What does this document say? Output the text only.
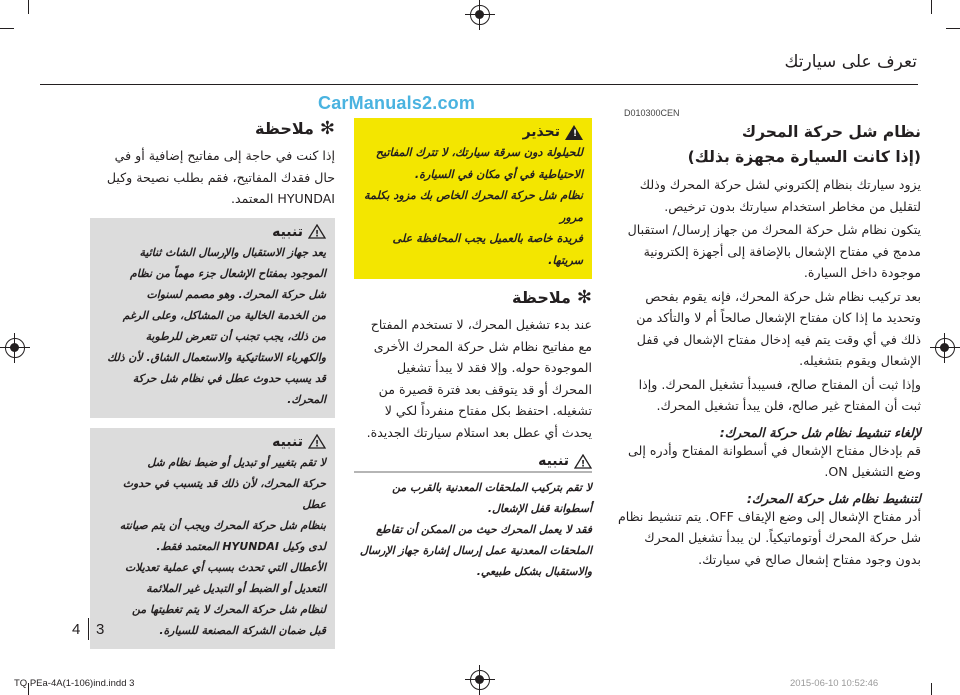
تعرف على سيارتك
CarManuals2.com	D010300CEN
نظام شل حركة المحرك
(إذا كانت السيارة مجهزة بذلك)

يزود سيارتك بنظام إلكتروني لشل حركة المحرك وذلك لتقليل من مخاطر استخدام سيارتك بدون ترخيص.

يتكون نظام شل حركة المحرك من جهاز إرسال/ استقبال مدمج في مفتاح الإشعال بالإضافة إلى أجهزة إلكترونية موجودة داخل السيارة.

بعد تركيب نظام شل حركة المحرك، فإنه يقوم بفحص وتحديد ما إذا كان مفتاح الإشعال صالحاً أم لا والتأكد من ذلك في أي وقت يتم فيه إدخال مفتاح الإشعال في قفل الإشعال ويقوم بتشغيله.

وإذا ثبت أن المفتاح صالح، فسيبدأ تشغيل المحرك. وإذا ثبت أن المفتاح غير صالح، فلن يبدأ تشغيل المحرك.

لإلغاء تنشيط نظام شل حركة المحرك:

قم بإدخال مفتاح الإشعال في أسطوانة المفتاح وأدره إلى وضع التشغيل ON.

لتنشيط نظام شل حركة المحرك:

أدر مفتاح الإشعال إلى وضع الإيقاف OFF. يتم تنشيط نظام شل حركة المحرك أوتوماتيكياً. لن يبدأ تشغيل المحرك بدون وجود مفتاح إشعال صالح في سيارتك.

!
تحذير
للحيلولة دون سرقة سيارتك، لا تترك المفاتيح
الاحتياطية في أي مكان في السيارة.
نظام شل حركة المحرك الخاص بك مزود بكلمة مرور
فريدة خاصة بالعميل يجب المحافظة على
سريتها.
✻
ملاحظة

عند بدء تشغيل المحرك، لا تستخدم المفتاح مع مفاتيح نظام شل حركة المحرك الأخرى الموجودة حوله. وإلا فقد لا يبدأ تشغيل المحرك أو قد يتوقف بعد فترة قصيرة من تشغيله. احتفظ بكل مفتاح منفرداً لكي لا يحدث أي عطل بعد استلام سيارتك الجديدة.

!
تنبيه
لا تقم بتركيب الملحقات المعدنية بالقرب من
أسطوانة قفل الإشعال.
فقد لا يعمل المحرك حيث من الممكن أن تقاطع
الملحقات المعدنية عمل إرسال إشارة جهاز الإرسال
والاستقبال بشكل طبيعي.
✻
ملاحظة

إذا كنت في حاجة إلى مفاتيح إضافية أو في حال فقدك المفاتيح، فقم بطلب نصيحة وكيل HYUNDAI المعتمد.

!
تنبيه
يعد جهاز الاستقبال والإرسال الشاث ثنائية
الموجود بمفتاح الإشعال جزء مهماً من نظام
شل حركة المحرك. وهو مصمم لسنوات
من الخدمة الخالية من المشاكل، وعلى الرغم
من ذلك، يجب تجنب أن تتعرض للرطوبة
والكهرباء الاستاتيكية والاستعمال الشاق. لأن ذلك
قد يسبب حدوث عطل في نظام شل حركة المحرك.
!
تنبيه
لا تقم بتغيير أو تبديل أو ضبط نظام شل
حركة المحرك، لأن ذلك قد يتسبب في حدوث عطل
بنظام شل حركة المحرك ويجب أن يتم صيانته
لدى وكيل HYUNDAI المعتمد فقط.
الأعطال التي تحدث بسبب أي عملية تعديلات
التعديل أو الضبط أو التبديل غير الملائمة
لنظام شل حركة المحرك لا يتم تغطيتها من
قبل ضمان الشركة المصنعة للسيارة.
4 3
TQ PEa-4A(1-106)ind.indd 3	2015-06-10 10:52:46
